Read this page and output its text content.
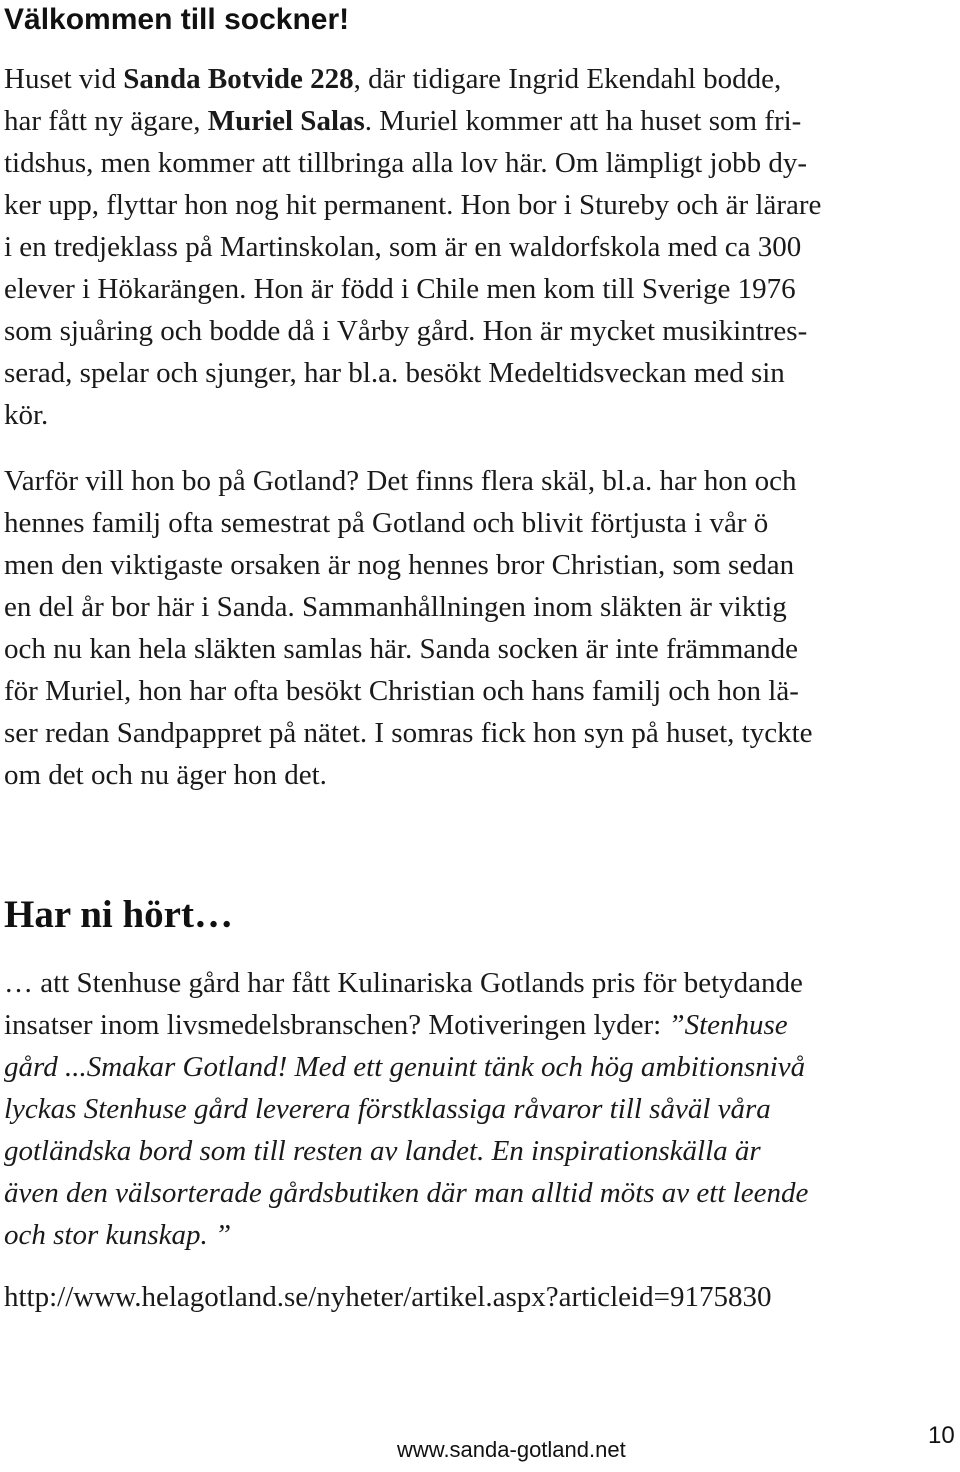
Välkommen till sockner!
Huset vid Sanda Botvide 228, där tidigare Ingrid Ekendahl bodde,
har fått ny ägare, Muriel Salas. Muriel kommer att ha huset som fri-
tidshus, men kommer att tillbringa alla lov här. Om lämpligt jobb dy-
ker upp, flyttar hon nog hit permanent. Hon bor i Stureby och är lärare
i en tredjeklass på Martinskolan, som är en waldorfskola med ca 300
elever i Hökarängen. Hon är född i Chile men kom till Sverige 1976
som sjuåring och bodde då i Vårby gård. Hon är mycket musikintres-
serad, spelar och sjunger, har bl.a. besökt Medeltidsveckan med sin
kör.
Varför vill hon bo på Gotland? Det finns flera skäl, bl.a. har hon och
hennes familj ofta semestrat på Gotland och blivit förtjusta i vår ö
men den viktigaste orsaken är nog hennes bror Christian, som sedan
en del år bor här i Sanda. Sammanhållningen inom släkten är viktig
och nu kan hela släkten samlas här. Sanda socken är inte främmande
för Muriel, hon har ofta besökt Christian och hans familj och hon lä-
ser redan Sandpappret på nätet. I somras fick hon syn på huset, tyckte
om det och nu äger hon det.
Har ni hört…
… att Stenhuse gård har fått Kulinariska Gotlands pris för betydande
insatser inom livsmedelsbranschen? Motiveringen lyder: ”Stenhuse
gård ...Smakar Gotland! Med ett genuint tänk och hög ambitionsnivå
lyckas Stenhuse gård leverera förstklassiga råvaror till såväl våra
gotländska bord som till resten av landet. En inspirationskälla är
även den välsorterade gårdsbutiken där man alltid möts av ett leende
och stor kunskap. ”
http://www.helagotland.se/nyheter/artikel.aspx?articleid=9175830
www.sanda-gotland.net
10
